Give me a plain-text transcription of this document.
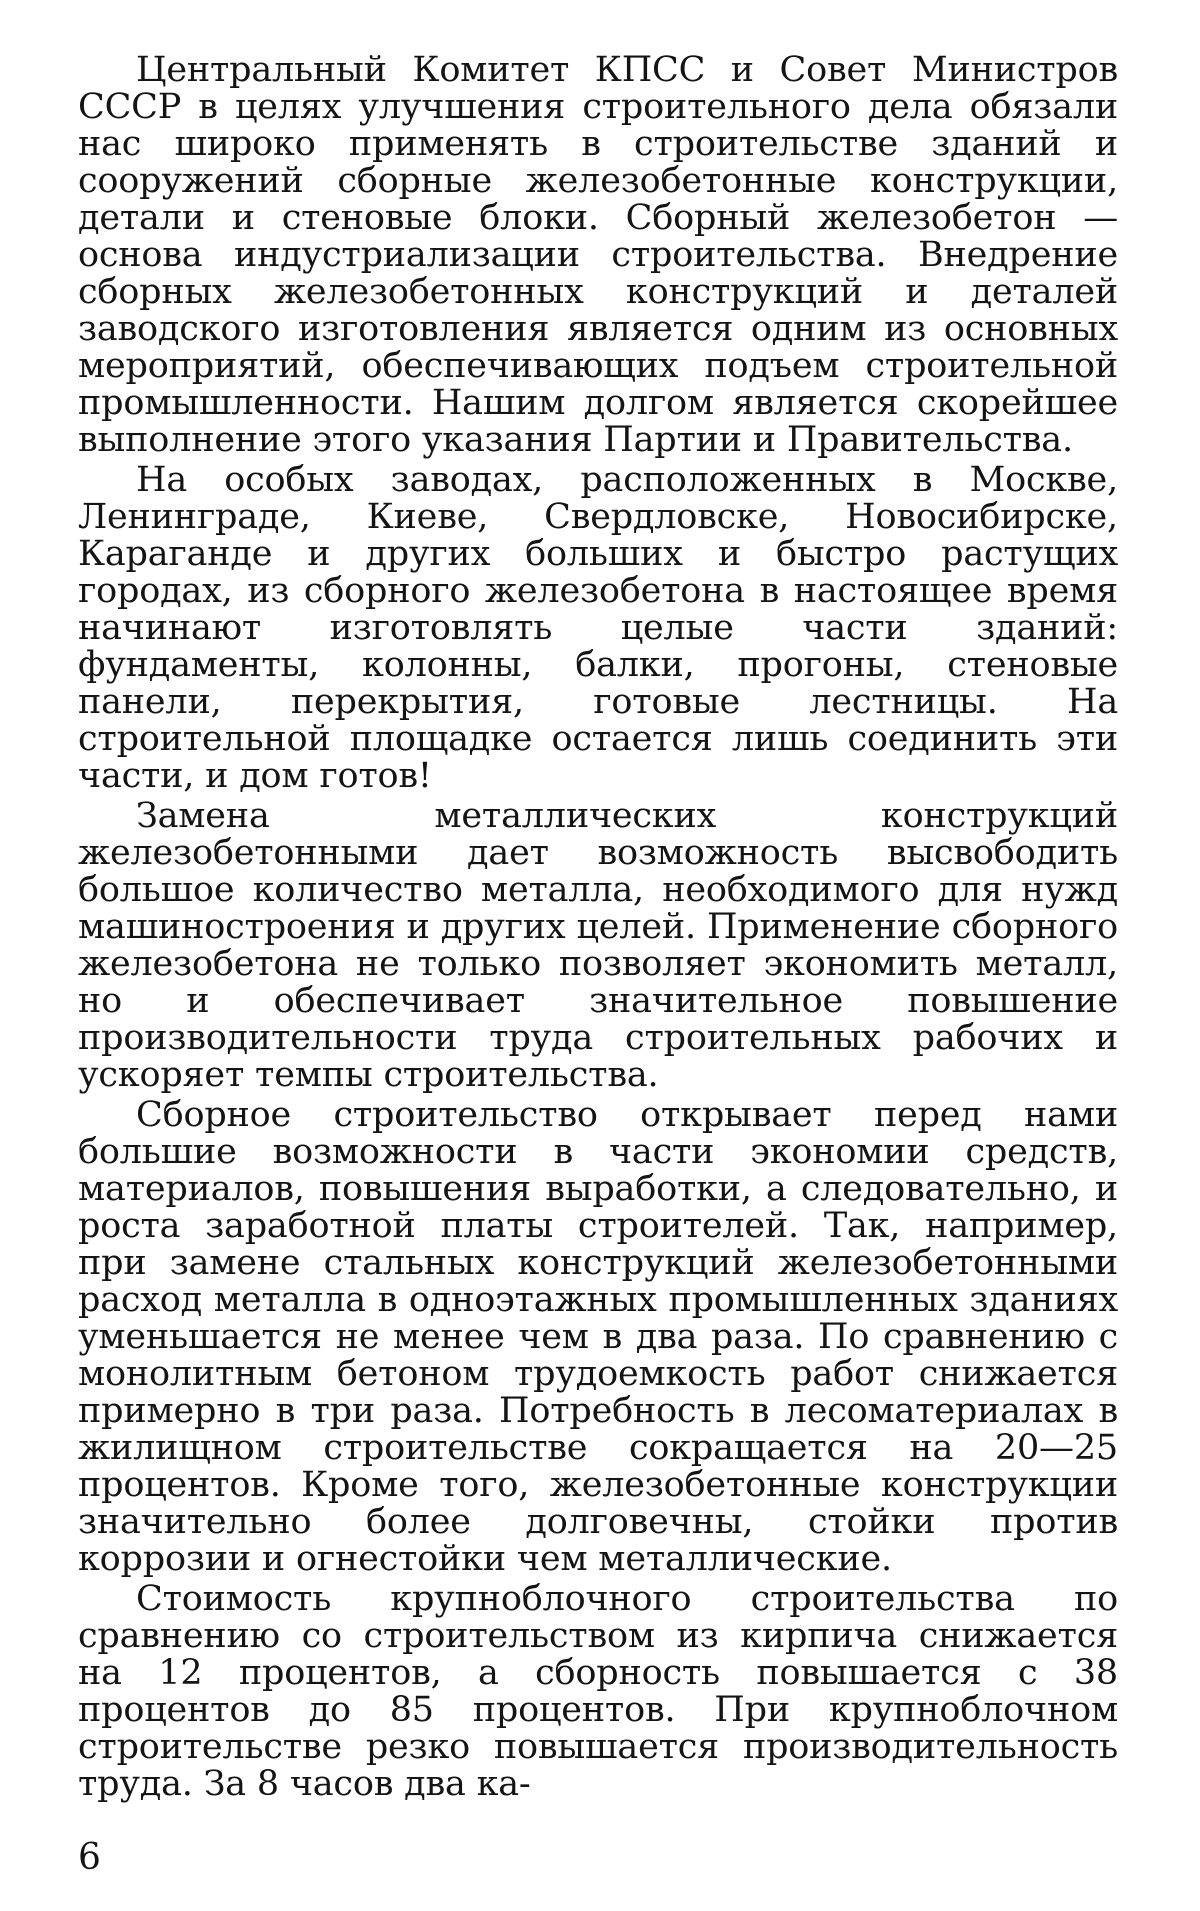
Центральный Комитет КПСС и Совет Министров СССР в целях улучшения строительного дела обязали нас широко применять в строительстве зданий и сооружений сборные железобетонные конструкции, детали и стеновые блоки. Сборный железобетон — основа индустриализации строительства. Внедрение сборных железобетонных конструкций и деталей заводского изготовления является одним из основных мероприятий, обеспечивающих подъем строительной промышленности. Нашим долгом является скорейшее выполнение этого указания Партии и Правительства.

На особых заводах, расположенных в Москве, Ленинграде, Киеве, Свердловске, Новосибирске, Караганде и других больших и быстро растущих городах, из сборного железобетона в настоящее время начинают изготовлять целые части зданий: фундаменты, колонны, балки, прогоны, стеновые панели, перекрытия, готовые лестницы. На строительной площадке остается лишь соединить эти части, и дом готов!

Замена металлических конструкций железобетонными дает возможность высвободить большое количество металла, необходимого для нужд машиностроения и других целей. Применение сборного железобетона не только позволяет экономить металл, но и обеспечивает значительное повышение производительности труда строительных рабочих и ускоряет темпы строительства.

Сборное строительство открывает перед нами большие возможности в части экономии средств, материалов, повышения выработки, а следовательно, и роста заработной платы строителей. Так, например, при замене стальных конструкций железобетонными расход металла в одноэтажных промышленных зданиях уменьшается не менее чем в два раза. По сравнению с монолитным бетоном трудоемкость работ снижается примерно в три раза. Потребность в лесоматериалах в жилищном строительстве сокращается на 20—25 процентов. Кроме того, железобетонные конструкции значительно более долговечны, стойки против коррозии и огнестойки чем металлические.

Стоимость крупноблочного строительства по сравнению со строительством из кирпича снижается на 12 процентов, а сборность повышается с 38 процентов до 85 процентов. При крупноблочном строительстве резко повышается производительность труда. За 8 часов два ка-

6
